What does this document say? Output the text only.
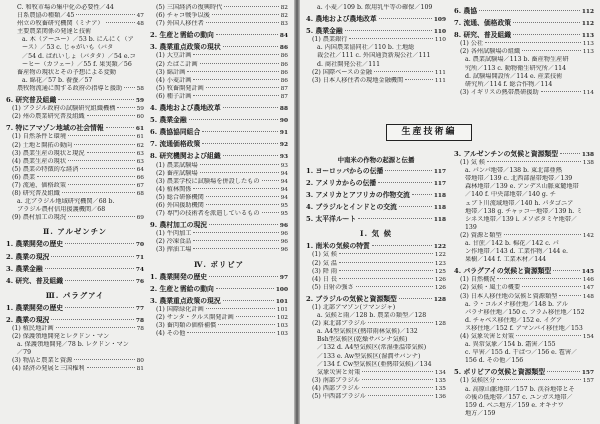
C. 和牧市場の集中化の必要性／44
日系農協の種類／45	47
州立の牧畜研究機関（ミナア）	48
主要農業関係の発達と技術
a. 木（アーユー）／53 b. にんにく（ア
ース）／53 c. じゃがいも（バタ
／54 d. ばれいしょ（バタタ）／54 e.コ
ーヒー（カフェー）／55 f. 果実類／56
畜産物の現状とその予想による変動
a. 綿花／57 b. 養蚕／57
農牧物流通に関する政府の指導と援助 58
6. 研究普及組織	59
(1) ブラジル政府の試験研究組織機構	59
(2) 州の農業研究普及組織	60
7. 特にアマゾン地域の社会情報	61
(1) 自然条件と環境	61
(2) 土地と開拓の動向	62
(3) 農業生産の現状と現況	63
(4) 農業生産の現状	63
(5) 農業の特徴的な経済	64
(6) 農業	66
(7) 流通、価格政策	67
(8) 研究普及組織	68
a. 北ブラジル地域研究機関／68 b.
ブラジル農村信用援護機関／68
(9) 農村加工の現況	69
Ⅱ. アルゼンチン
1. 農業開発の歴史	70
2. 農業の現況	71
3. 農業金融	74
4. 研究、普及組織	76
Ⅲ. パラグアイ
1. 農業開発の歴史	77
2. 農業の現況	78
(1) 植民地計画	78
(2) 保護領地開発とレクドン・マン
a. 保護領地開発／78 b. レクドン・マン
／79
(3) 物品と農業と資源	80
(4) 経済の発展と三国権利	81
(5) 三国経済の復興時代	82
(6) チャコ戦争以後	82
(7) 外国人移住者	83
2. 生産と需給の動向	84
3. 農業重点政策の現状	86
(1) 大豆計画	86
(2) たばこ計画	86
(3) 綿計画	86
(4) 小麦計画	86
(5) 牧畜開発計画	87
(6) 種子計画	87
4. 農地および農地改革	88
5. 農業金融	90
6. 農協協同組合	91
7. 流通価格政策	92
8. 研究機関および組織	93
(1) 農業試験場	93
(2) 畜産試験場	94
(3) 農業学校に試験場を併設したもの	94
(4) 植林関係	94
(5) 総合研修機関	94
(6) 外国援助機関	95
(7) 専門の技術者を派遣しているもの	95
9. 農村加工の現況	96
(1) 牛肉加工	96
(2) 冷凍食品	96
(3) 搾油工場	96
Ⅳ. ボリビア
1. 農業開発の歴史	97
2. 生産と需給の動向	100
3. 農業重点政策の現況	101
(1) 国際緑化計画	101
(2) サンタ・クルス開発計画	102
(3) 畜肉類の価格補償	103
(4) その他	103
a. 小麦／109 b. 飲用乳牛等の確保／109
4. 農地および農地改革	109
5. 農業金融	110
(1) 農業銀行	110
a. 内国農業協同社／110 b. 土地総
裁会社／111 c. 外国通貨新規公社／111
d. 商社開発公社／111
(2) 国際ベースの金融	111
(3) 日本人移住者の現地金融機関	111
中南米の作物の起源と伝播
1. ヨーロッパからの伝播	117
2. アメリカからの伝播	117
3. アメリカとアフリカの作物交流	118
4. ブラジルとインドとの交流	118
5. 太平洋ルート	118
I. 気 候
1. 南米の気候の特質	122
(1) 気 候	122
(2) 気 温	123
(3) 降 雨	125
(4) 日 長	126
(5) 日射の強さ	126
2. ブラジルの気候と資源類型	128
(1) 北部アマゾン(フマンジャ)
a. 気候と雨／128 b. 農業の類型／128
(2) 東北部ブラジル	128
a. A4型気候区(熱帯雨林気候)／132
Bsh型気候区(乾燥サバンナ気候)
／132 d. A4型気候区(常湿亜温帯気候)
／133 e. Aw型気候区(湿潤サバンナ)
／134 f. Cw型気候区(亜熱帯気候)／134
気象災害と対策	134
(3) 南部ブラジル	135
(4) 西部ブラジル	135
(5) 中西部ブラジル	136
生産技術編
6. 農協	112
7. 流通、価格政策	112
8. 研究、普及組織	113
(1) 公社	113
(2) 各州試験場の組織	113
a. 農業試験場／113 b. 畜産物生産研
究所／113 c. 動物衛生研究所／114
d. 試験場開設所／114 e. 産業技術
研究所／114 f. 総合作物／114
(3) イギリスの熱帯農研援助	114
3. アルゼンチンの気候と資源類型	138
(1) 気 候	138
a. パンパ地帯／138 b. 東北部亜熱
帯地帯／139 c. 北西部湿帯地帯／139
森林地帯／139 e. アンデス山脈東麓地帯
／140 f. 中央部地帯／140 g. チ
ュブト川流域地帯／140 h. パタゴニア
地帯／138 g. チャッコ一地帯／139 h. ミ
シネス地帯／139 i. メソポタミヤ地帯／
139
(2) 資源と類型	142
a. 甘蔗／142 b. 棉花／142 c. パ
ン作地帯／143 d. 工業作物／144 e.
果樹／144 f. 工業木材／144
4. パラグアイの気候と資源類型	145
(1) 自然概況	146
(2) 気候・風土の概要	147
(3) 日本人移住地の気候と資源類型	148
a. ラ・コルメナ移住地／148 b. アル
パラナ移住地／150 c. フラム移住地／152
d. チャベス移住地／152 e. イグア
ス移住地／152 f. アマンバイ移住地／153
(4) 気象災害と対策	154
a. 異常気象／154 b. 霜害／155
c. 旱害／155 d. 干ばつ／156 e. 雹害／
156 d. その他／156
5. ボリビアの気候と資源類型	157
(1) 気候区分	157
a. 高原山脈地帯／157 b. 渓谷地帯とそ
の後の低地帯／157 c. ユンガス地帯／
159 d. ベニ地方／159 e. オキナワ
地方／159
